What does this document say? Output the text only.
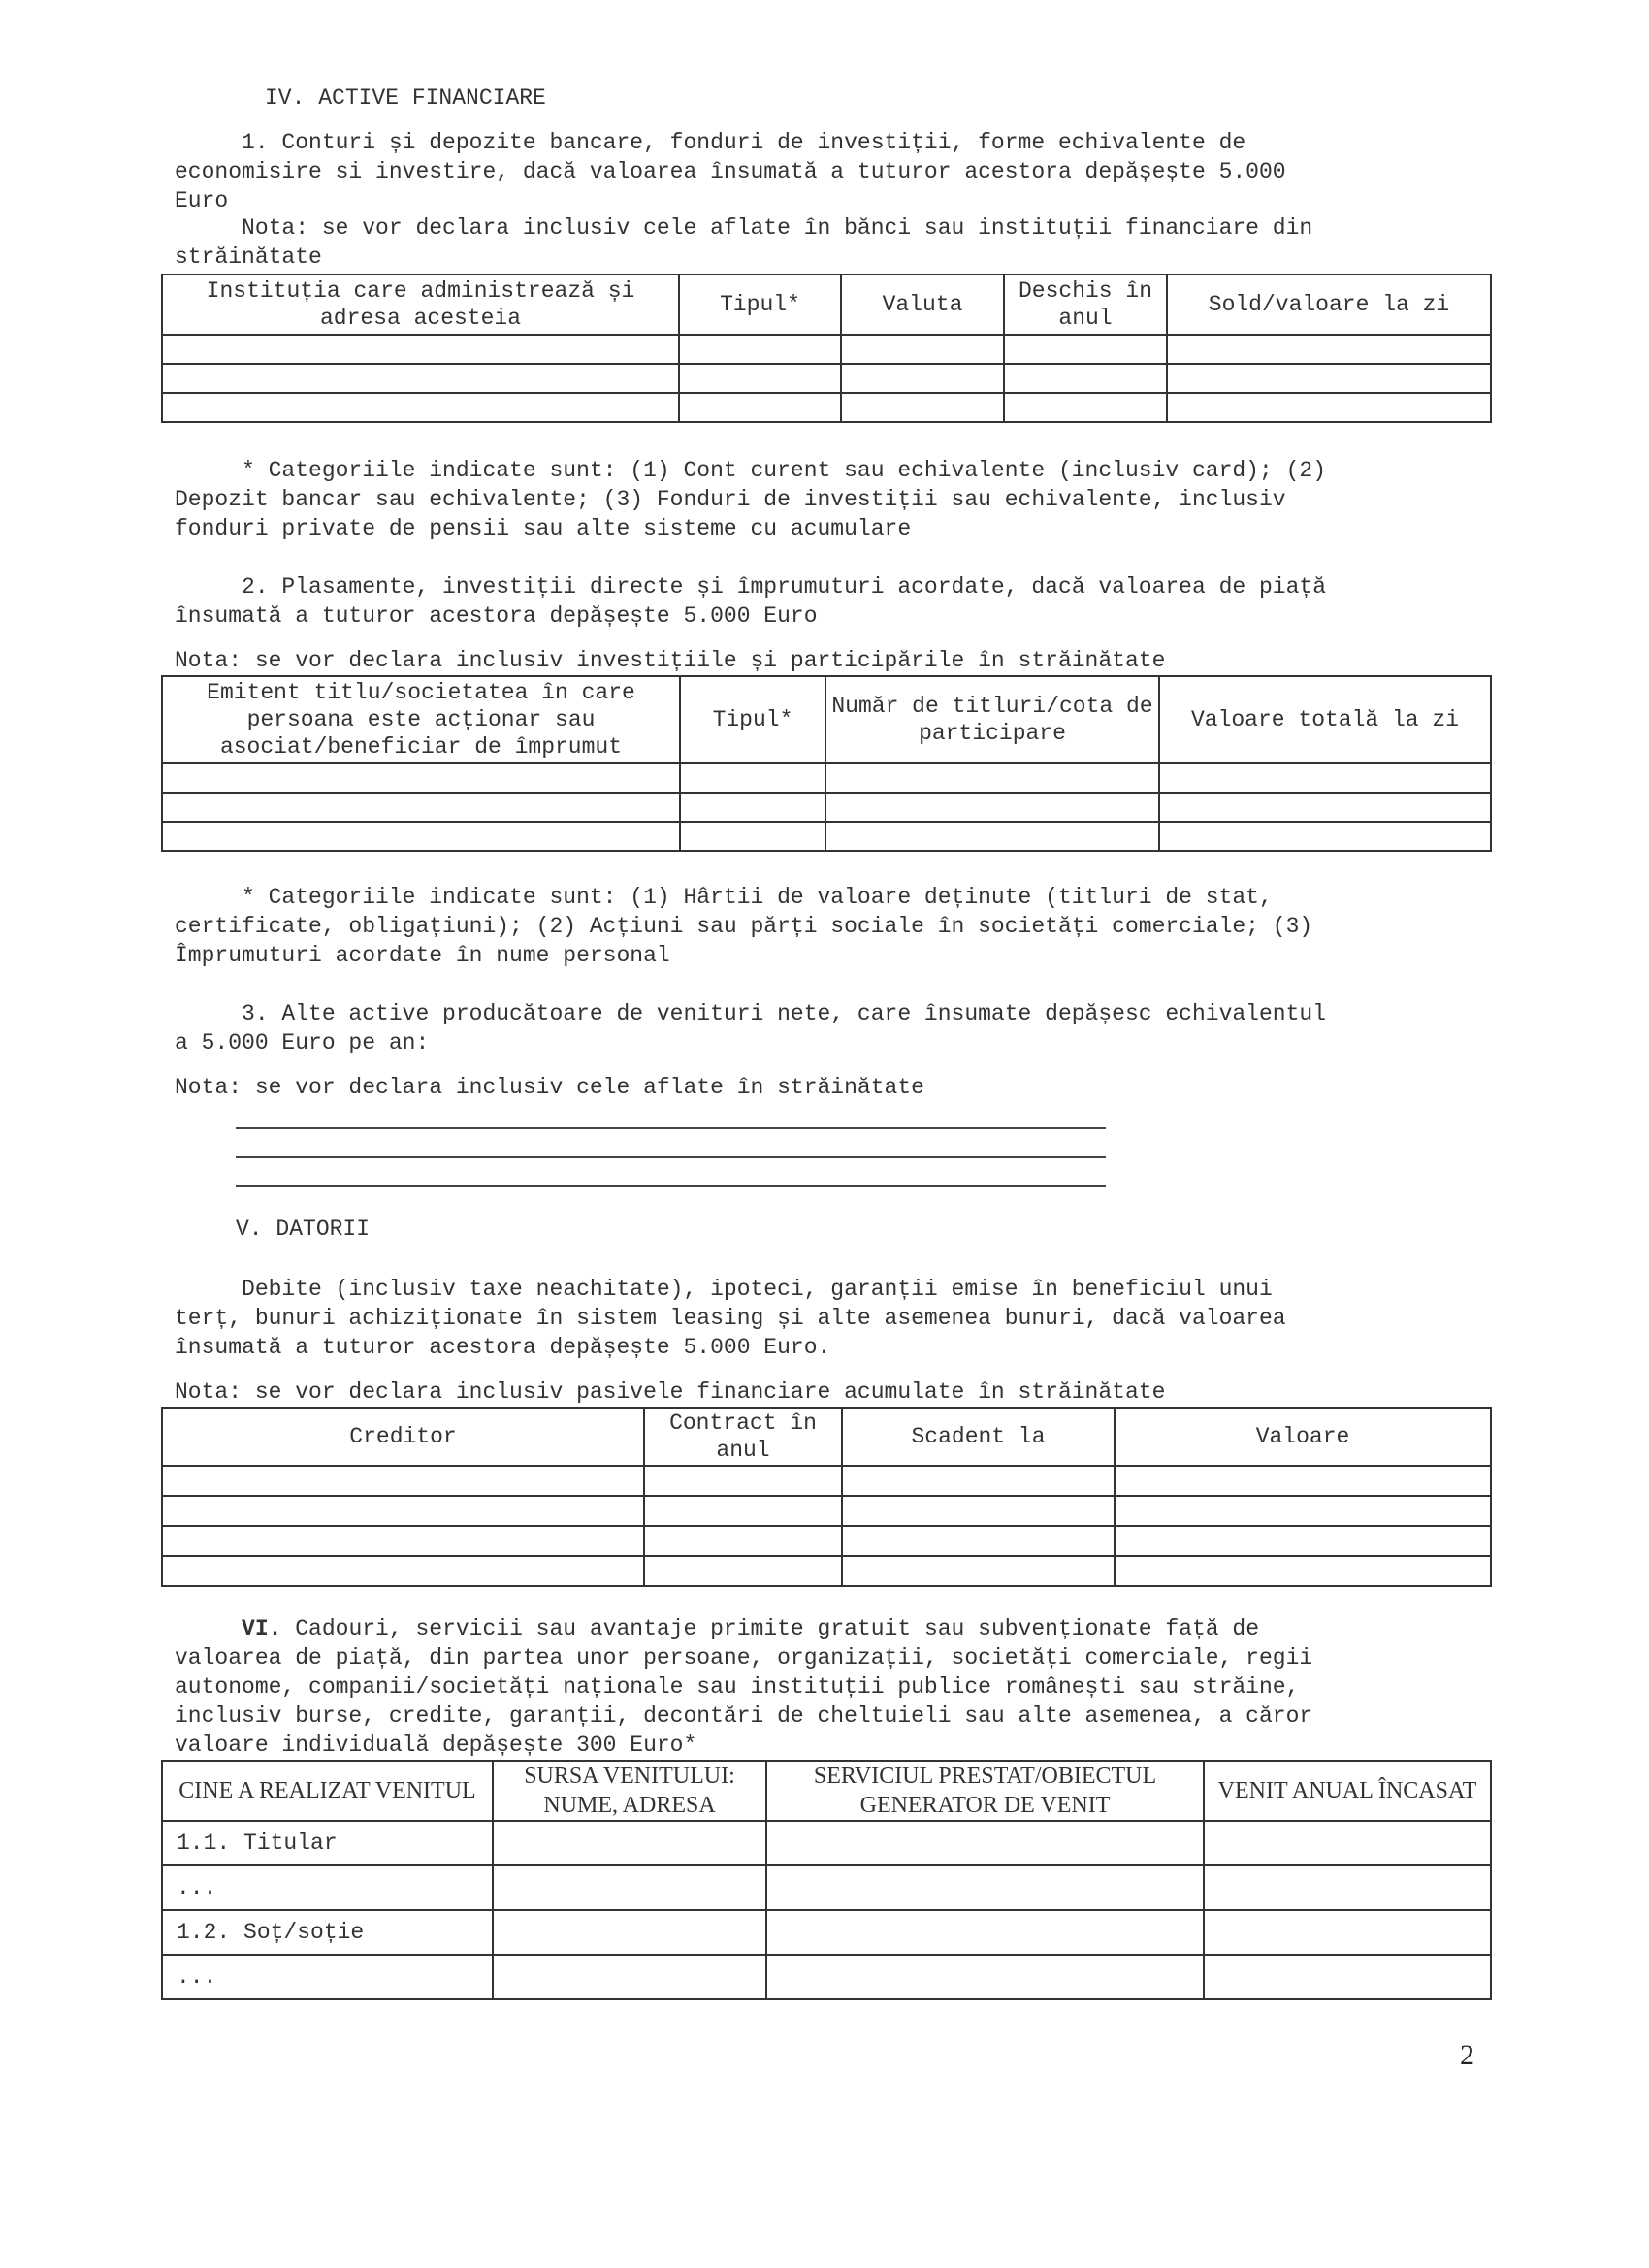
IV. ACTIVE FINANCIARE
1. Conturi și depozite bancare, fonduri de investiții, forme echivalente de
economisire si investire, dacă valoarea însumată a tuturor acestora depășește 5.000
Euro
Nota: se vor declara inclusiv cele aflate în bănci sau instituții financiare din
străinătate
Instituția care administrează și adresa acesteia	Tipul*	Valuta	Deschis în anul	Sold/valoare la zi

* Categoriile indicate sunt: (1) Cont curent sau echivalente (inclusiv card); (2)
Depozit bancar sau echivalente; (3) Fonduri de investiții sau echivalente, inclusiv
fonduri private de pensii sau alte sisteme cu acumulare
2. Plasamente, investiții directe și împrumuturi acordate, dacă valoarea de piață
însumată a tuturor acestora depășește 5.000 Euro
Nota: se vor declara inclusiv investițiile și participările în străinătate
Emitent titlu/societatea în care persoana este acționar sau asociat/beneficiar de împrumut	Tipul*	Număr de titluri/cota de participare	Valoare totală la zi

* Categoriile indicate sunt: (1) Hârtii de valoare deținute (titluri de stat,
certificate, obligațiuni); (2) Acțiuni sau părți sociale în societăți comerciale; (3)
Împrumuturi acordate în nume personal
3. Alte active producătoare de venituri nete, care însumate depășesc echivalentul
a 5.000 Euro pe an:
Nota: se vor declara inclusiv cele aflate în străinătate
V. DATORII
Debite (inclusiv taxe neachitate), ipoteci, garanții emise în beneficiul unui
terț, bunuri achiziționate în sistem leasing și alte asemenea bunuri, dacă valoarea
însumată a tuturor acestora depășește 5.000 Euro.
Nota: se vor declara inclusiv pasivele financiare acumulate în străinătate
Creditor	Contract în anul	Scadent la	Valoare

VI. Cadouri, servicii sau avantaje primite gratuit sau subvenționate față de
valoarea de piață, din partea unor persoane, organizații, societăți comerciale, regii
autonome, companii/societăți naționale sau instituții publice românești sau străine,
inclusiv burse, credite, garanții, decontări de cheltuieli sau alte asemenea, a căror
valoare individuală depășește 300 Euro*
CINE A REALIZAT VENITUL	SURSA VENITULUI: NUME, ADRESA	SERVICIUL PRESTAT/OBIECTUL GENERATOR DE VENIT	VENIT ANUAL ÎNCASAT
1.1. Titular			
...			
1.2. Soț/soție			
...			
2
